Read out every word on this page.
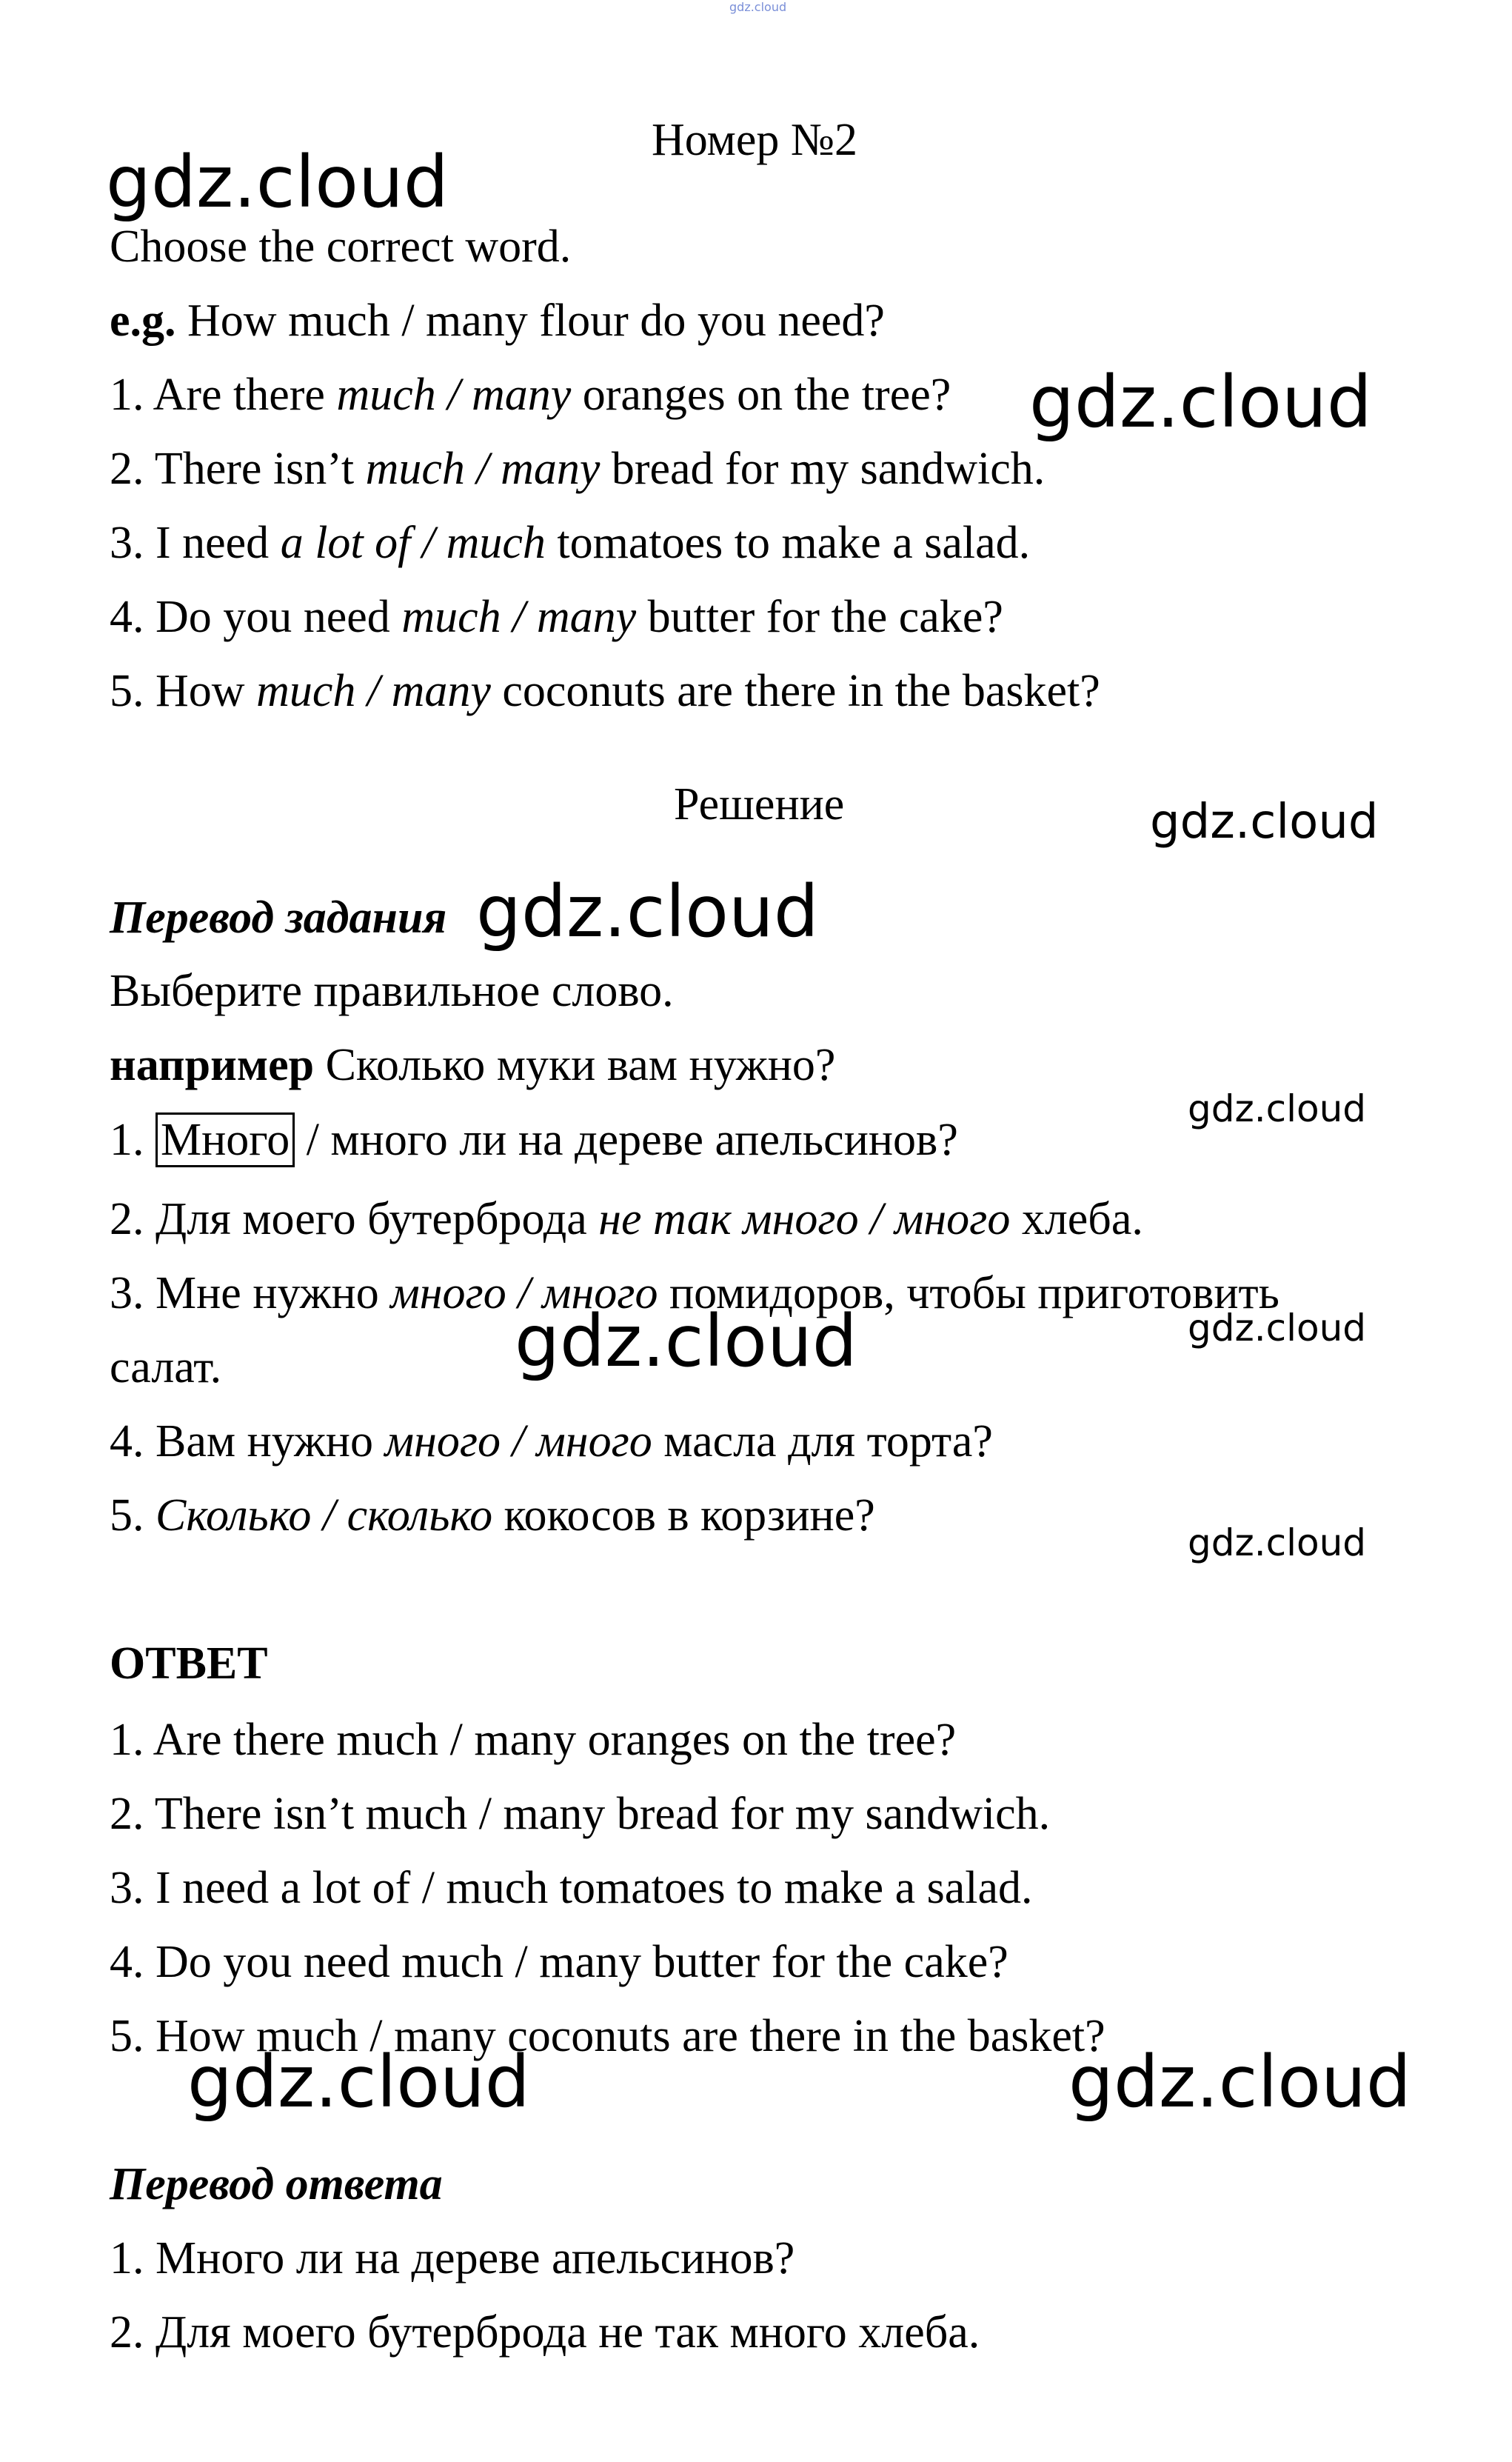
gdz.cloud
Номер №2
Choose the correct word.
e.g. How much / many flour do you need?
1. Are there much / many oranges on the tree?
2. There isn’t much / many bread for my sandwich.
3. I need a lot of / much tomatoes to make a salad.
4. Do you need much / many butter for the cake?
5. How much / many coconuts are there in the basket?
Решение
Перевод задания
Выберите правильное слово.
например Сколько муки вам нужно?
1. Много / много ли на дереве апельсинов?
2. Для моего бутерброда не так много / много хлеба.
3. Мне нужно много / много помидоров, чтобы приготовить
салат.
4. Вам нужно много / много масла для торта?
5. Сколько / сколько кокосов в корзине?
ОТВЕТ
1. Are there much / many oranges on the tree?
2. There isn’t much / many bread for my sandwich.
3. I need a lot of / much tomatoes to make a salad.
4. Do you need much / many butter for the cake?
5. How much / many coconuts are there in the basket?
Перевод ответа
1. Много ли на дереве апельсинов?
2. Для моего бутерброда не так много хлеба.
gdz.cloud
gdz.cloud
gdz.cloud
gdz.cloud
gdz.cloud
gdz.cloud	gdz.cloud
gdz.cloud
gdz.cloud	gdz.cloud
